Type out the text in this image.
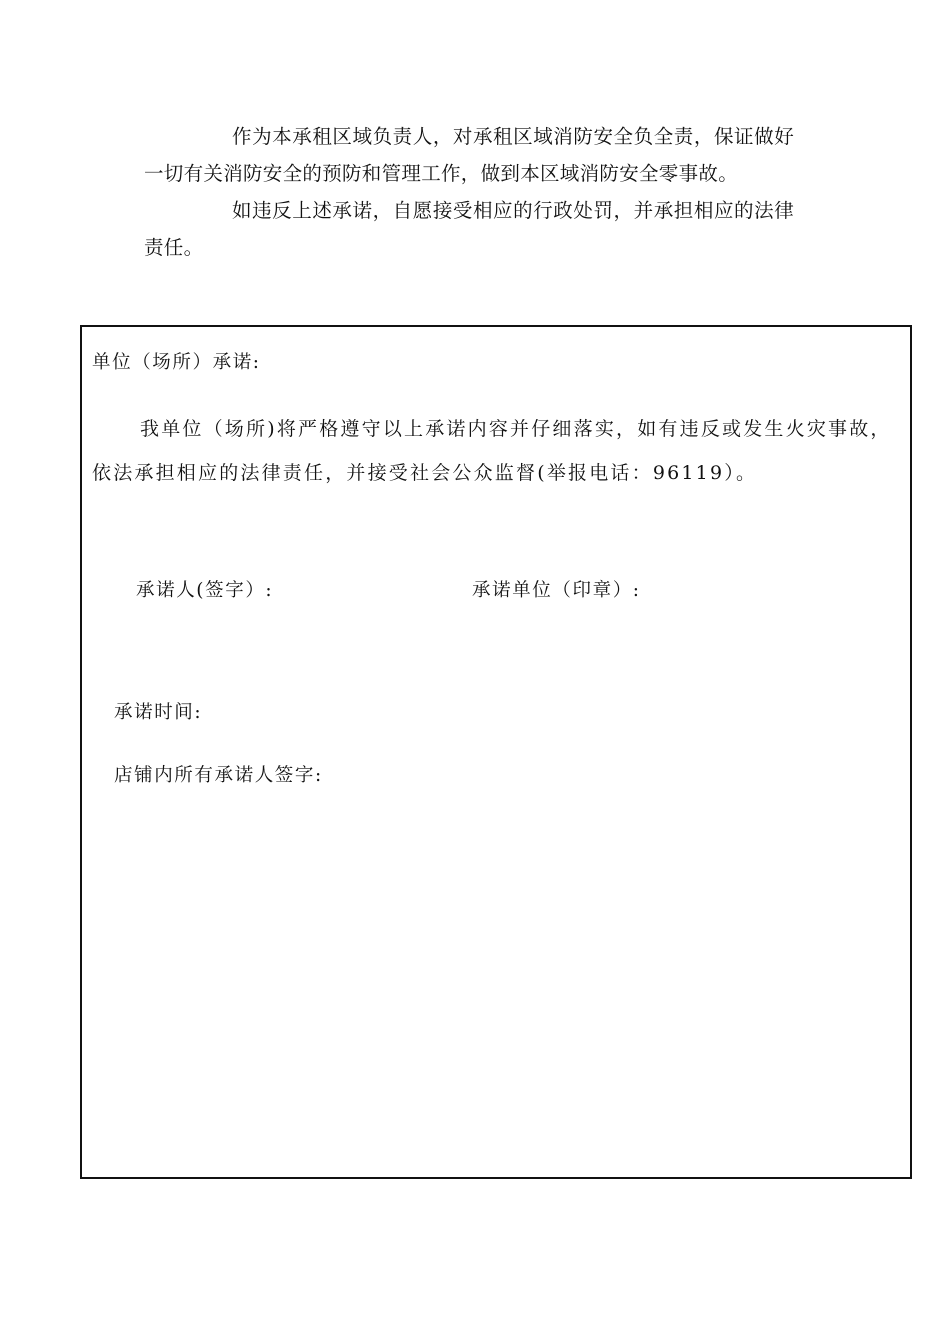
作为本承租区域负责人，对承租区域消防安全负全责，保证做好一切有关消防安全的预防和管理工作，做到本区域消防安全零事故。

如违反上述承诺，自愿接受相应的行政处罚，并承担相应的法律责任。

单位（场所）承诺:

我单位（场所)将严格遵守以上承诺内容并仔细落实，如有违反或发生火灾事故，依法承担相应的法律责任，并接受社会公众监督(举报电话：96119）。

承诺人(签字）:	承诺单位（印章）:
承诺时间:
店铺内所有承诺人签字:
